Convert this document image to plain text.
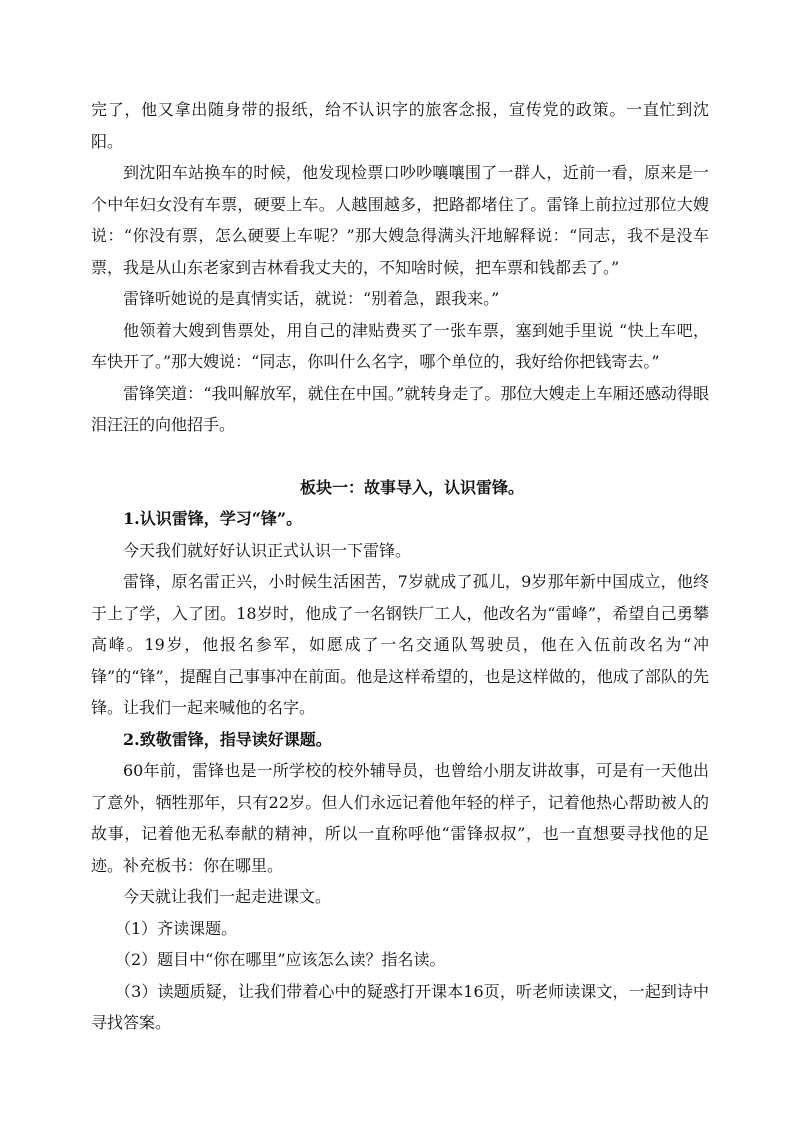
完了，他又拿出随身带的报纸，给不认识字的旅客念报，宣传党的政策。一直忙到沈阳。

到沈阳车站换车的时候，他发现检票口吵吵嚷嚷围了一群人，近前一看，原来是一个中年妇女没有车票，硬要上车。人越围越多，把路都堵住了。雷锋上前拉过那位大嫂说：“你没有票，怎么硬要上车呢？”那大嫂急得满头汗地解释说：“同志，我不是没车票，我是从山东老家到吉林看我丈夫的，不知啥时候，把车票和钱都丢了。”

雷锋听她说的是真情实话，就说：“别着急，跟我来。”

他领着大嫂到售票处，用自己的津贴费买了一张车票，塞到她手里说 “快上车吧，车快开了。”那大嫂说：“同志，你叫什么名字，哪个单位的，我好给你把钱寄去。”

雷锋笑道：“我叫解放军，就住在中国。”就转身走了。那位大嫂走上车厢还感动得眼泪汪汪的向他招手。

板块一：故事导入，认识雷锋。

1.认识雷锋，学习“锋”。

今天我们就好好认识正式认识一下雷锋。

雷锋，原名雷正兴，小时候生活困苦，7岁就成了孤儿，9岁那年新中国成立，他终于上了学，入了团。18岁时，他成了一名钢铁厂工人，他改名为“雷峰”，希望自己勇攀高峰。19岁，他报名参军，如愿成了一名交通队驾驶员，他在入伍前改名为“冲锋”的“锋”，提醒自己事事冲在前面。他是这样希望的，也是这样做的，他成了部队的先锋。让我们一起来喊他的名字。

2.致敬雷锋，指导读好课题。

60年前，雷锋也是一所学校的校外辅导员，也曾给小朋友讲故事，可是有一天他出了意外，牺牲那年，只有22岁。但人们永远记着他年轻的样子，记着他热心帮助被人的故事，记着他无私奉献的精神，所以一直称呼他“雷锋叔叔”，也一直想要寻找他的足迹。补充板书：你在哪里。

今天就让我们一起走进课文。

（1）齐读课题。

（2）题目中“你在哪里”应该怎么读？指名读。

（3）读题质疑，让我们带着心中的疑惑打开课本16页，听老师读课文，一起到诗中寻找答案。
